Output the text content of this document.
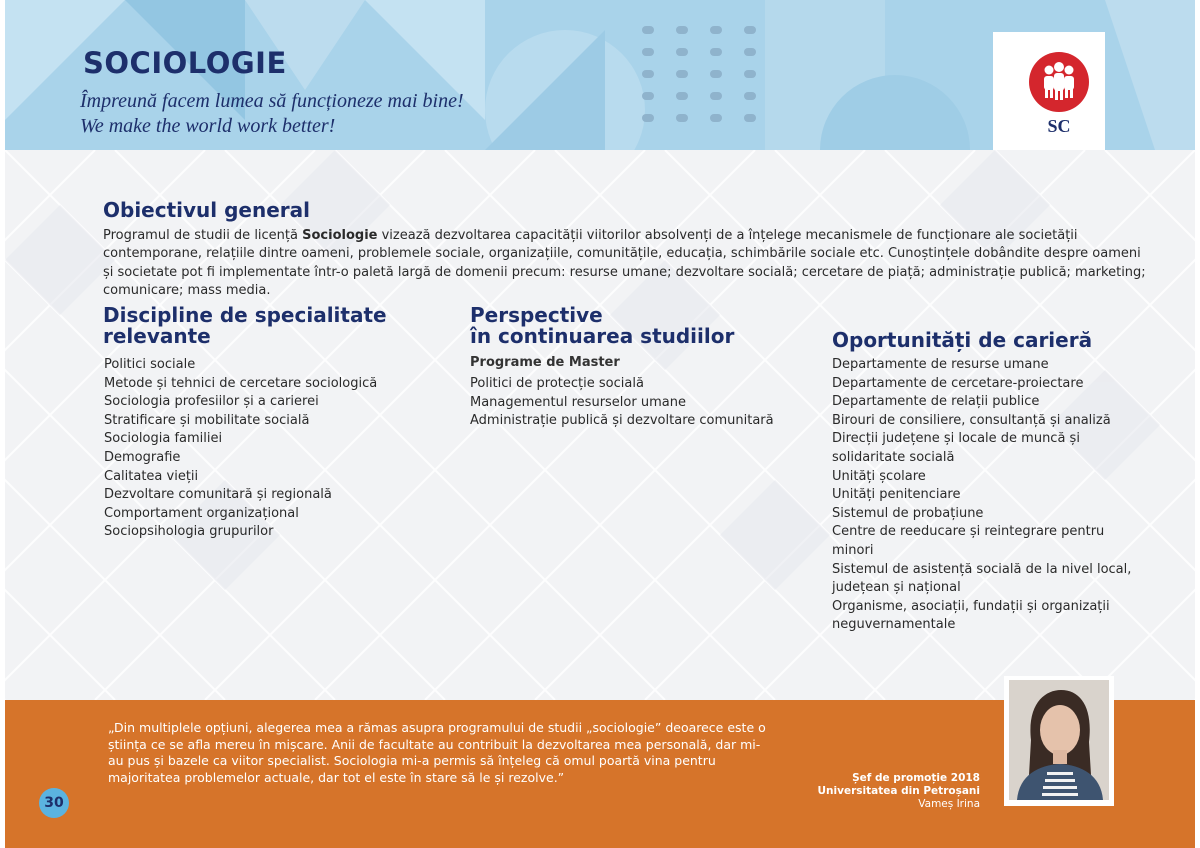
SOCIOLOGIE
Împreună facem lumea să funcționeze mai bine!
We make the world work better!	SC
Obiectivul general
Programul de studii de licență Sociologie vizează dezvoltarea capacității viitorilor absolvenți de a înțelege mecanismele de funcționare ale societății contemporane, relațiile dintre oameni, problemele sociale, organizațiile, comunitățile, educația, schimbările sociale etc. Cunoștințele dobândite despre oameni și societate pot fi implementate într-o paletă largă de domenii precum: resurse umane; dezvoltare socială; cercetare de piață; administrație publică; marketing; comunicare; mass media.
Discipline de specialitate
relevante
Politici sociale
Metode și tehnici de cercetare sociologică
Sociologia profesiilor și a carierei
Stratificare și mobilitate socială
Sociologia familiei
Demografie
Calitatea vieții
Dezvoltare comunitară și regională
Comportament organizațional
Sociopsihologia grupurilor
Perspective
în continuarea studiilor
Programe de Master
Politici de protecție socială
Managementul resurselor umane
Administrație publică și dezvoltare comunitară
Oportunități de carieră
Departamente de resurse umane
Departamente de cercetare-proiectare
Departamente de relații publice
Birouri de consiliere, consultanță și analiză
Direcții județene și locale de muncă și solidaritate socială
Unități școlare
Unități penitenciare
Sistemul de probațiune
Centre de reeducare și reintegrare pentru minori
Sistemul de asistență socială de la nivel local, județean și național
Organisme, asociații, fundații și organizații neguvernamentale
„Din multiplele opțiuni, alegerea mea a rămas asupra programului de studii „sociologie” deoarece este o știința ce se afla mereu în mișcare. Anii de facultate au contribuit la dezvoltarea mea personală, dar mi-au pus și bazele ca viitor specialist. Sociologia mi-a permis să înțeleg că omul poartă vina pentru majoritatea problemelor actuale, dar tot el este în stare să le și rezolve.”	Șef de promoție 2018
Universitatea din Petroșani
Vameș Irina
30
